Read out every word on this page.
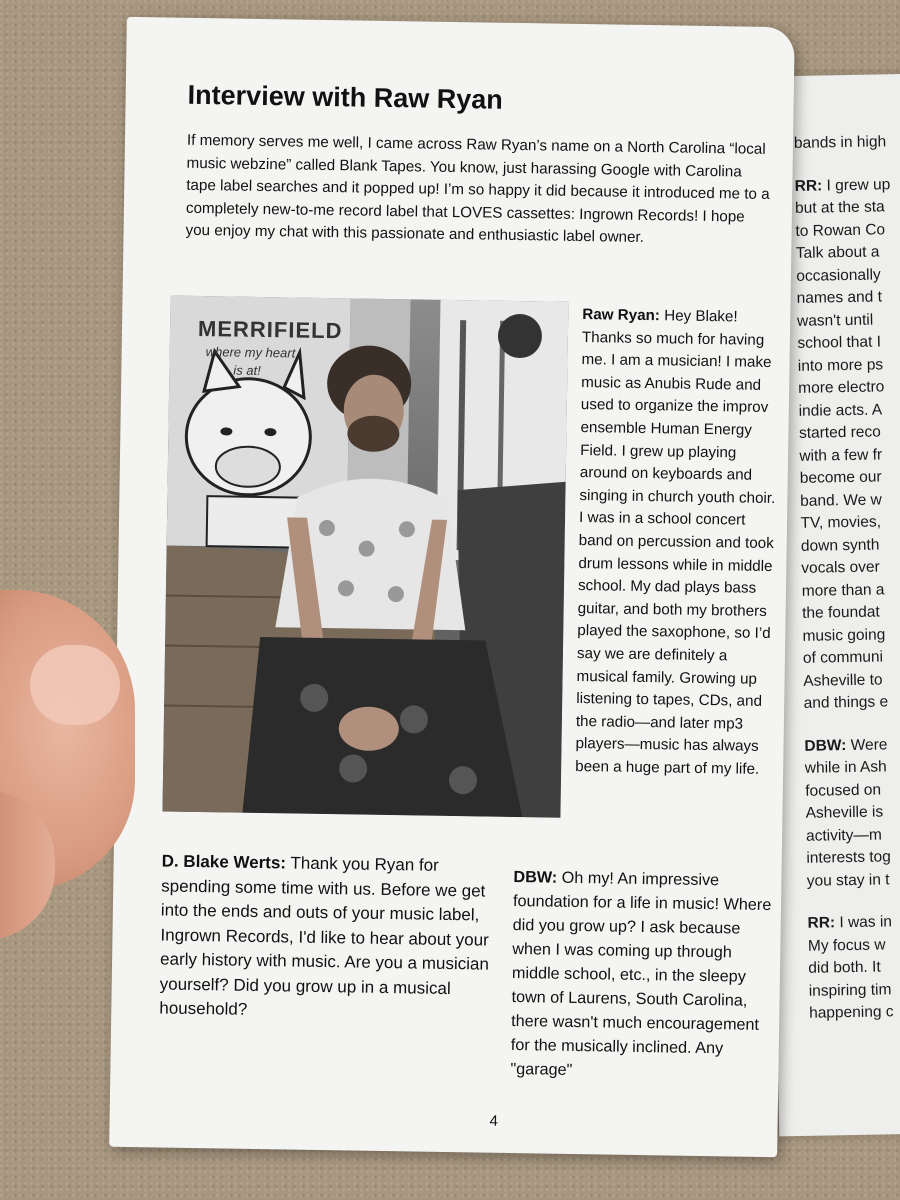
bands in high
RR: I grew up
but at the sta
to Rowan Co
Talk about a
occasionally
names and t
wasn't until
school that I
into more ps
more electro
indie acts. A
started reco
with a few fr
become our
band. We w
TV, movies,
down synth
vocals over
more than a
the foundat
music going
of communi
Asheville to
and things e
DBW: Were
while in Ash
focused on
Asheville is
activity—m
interests tog
you stay in t
RR: I was in
My focus w
did both. It
inspiring tim
happening c
Interview with Raw Ryan
If memory serves me well, I came across Raw Ryan’s name on a North Carolina “local music webzine” called Blank Tapes. You know, just harassing Google with Carolina tape label searches and it popped up! I’m so happy it did because it introduced me to a completely new-to-me record label that LOVES cassettes: Ingrown Records! I hope you enjoy my chat with this passionate and enthusiastic label owner.
MERRIFIELD
where my heart
is at!
Raw Ryan: Hey Blake! Thanks so much for having me. I am a musician! I make music as Anubis Rude and used to organize the improv ensemble Human Energy Field. I grew up playing around on keyboards and singing in church youth choir. I was in a school concert band on percussion and took drum lessons while in middle school. My dad plays bass guitar, and both my brothers played the saxophone, so I’d say we are definitely a musical family. Growing up listening to tapes, CDs, and the radio—and later mp3 players—music has always been a huge part of my life.
D. Blake Werts: Thank you Ryan for spending some time with us. Before we get into the ends and outs of your music label, Ingrown Records, I'd like to hear about your early history with music. Are you a musician yourself? Did you grow up in a musical household?
DBW: Oh my! An impressive foundation for a life in music! Where did you grow up? I ask because when I was coming up through middle school, etc., in the sleepy town of Laurens, South Carolina, there wasn't much encouragement for the musically inclined. Any "garage"
4
